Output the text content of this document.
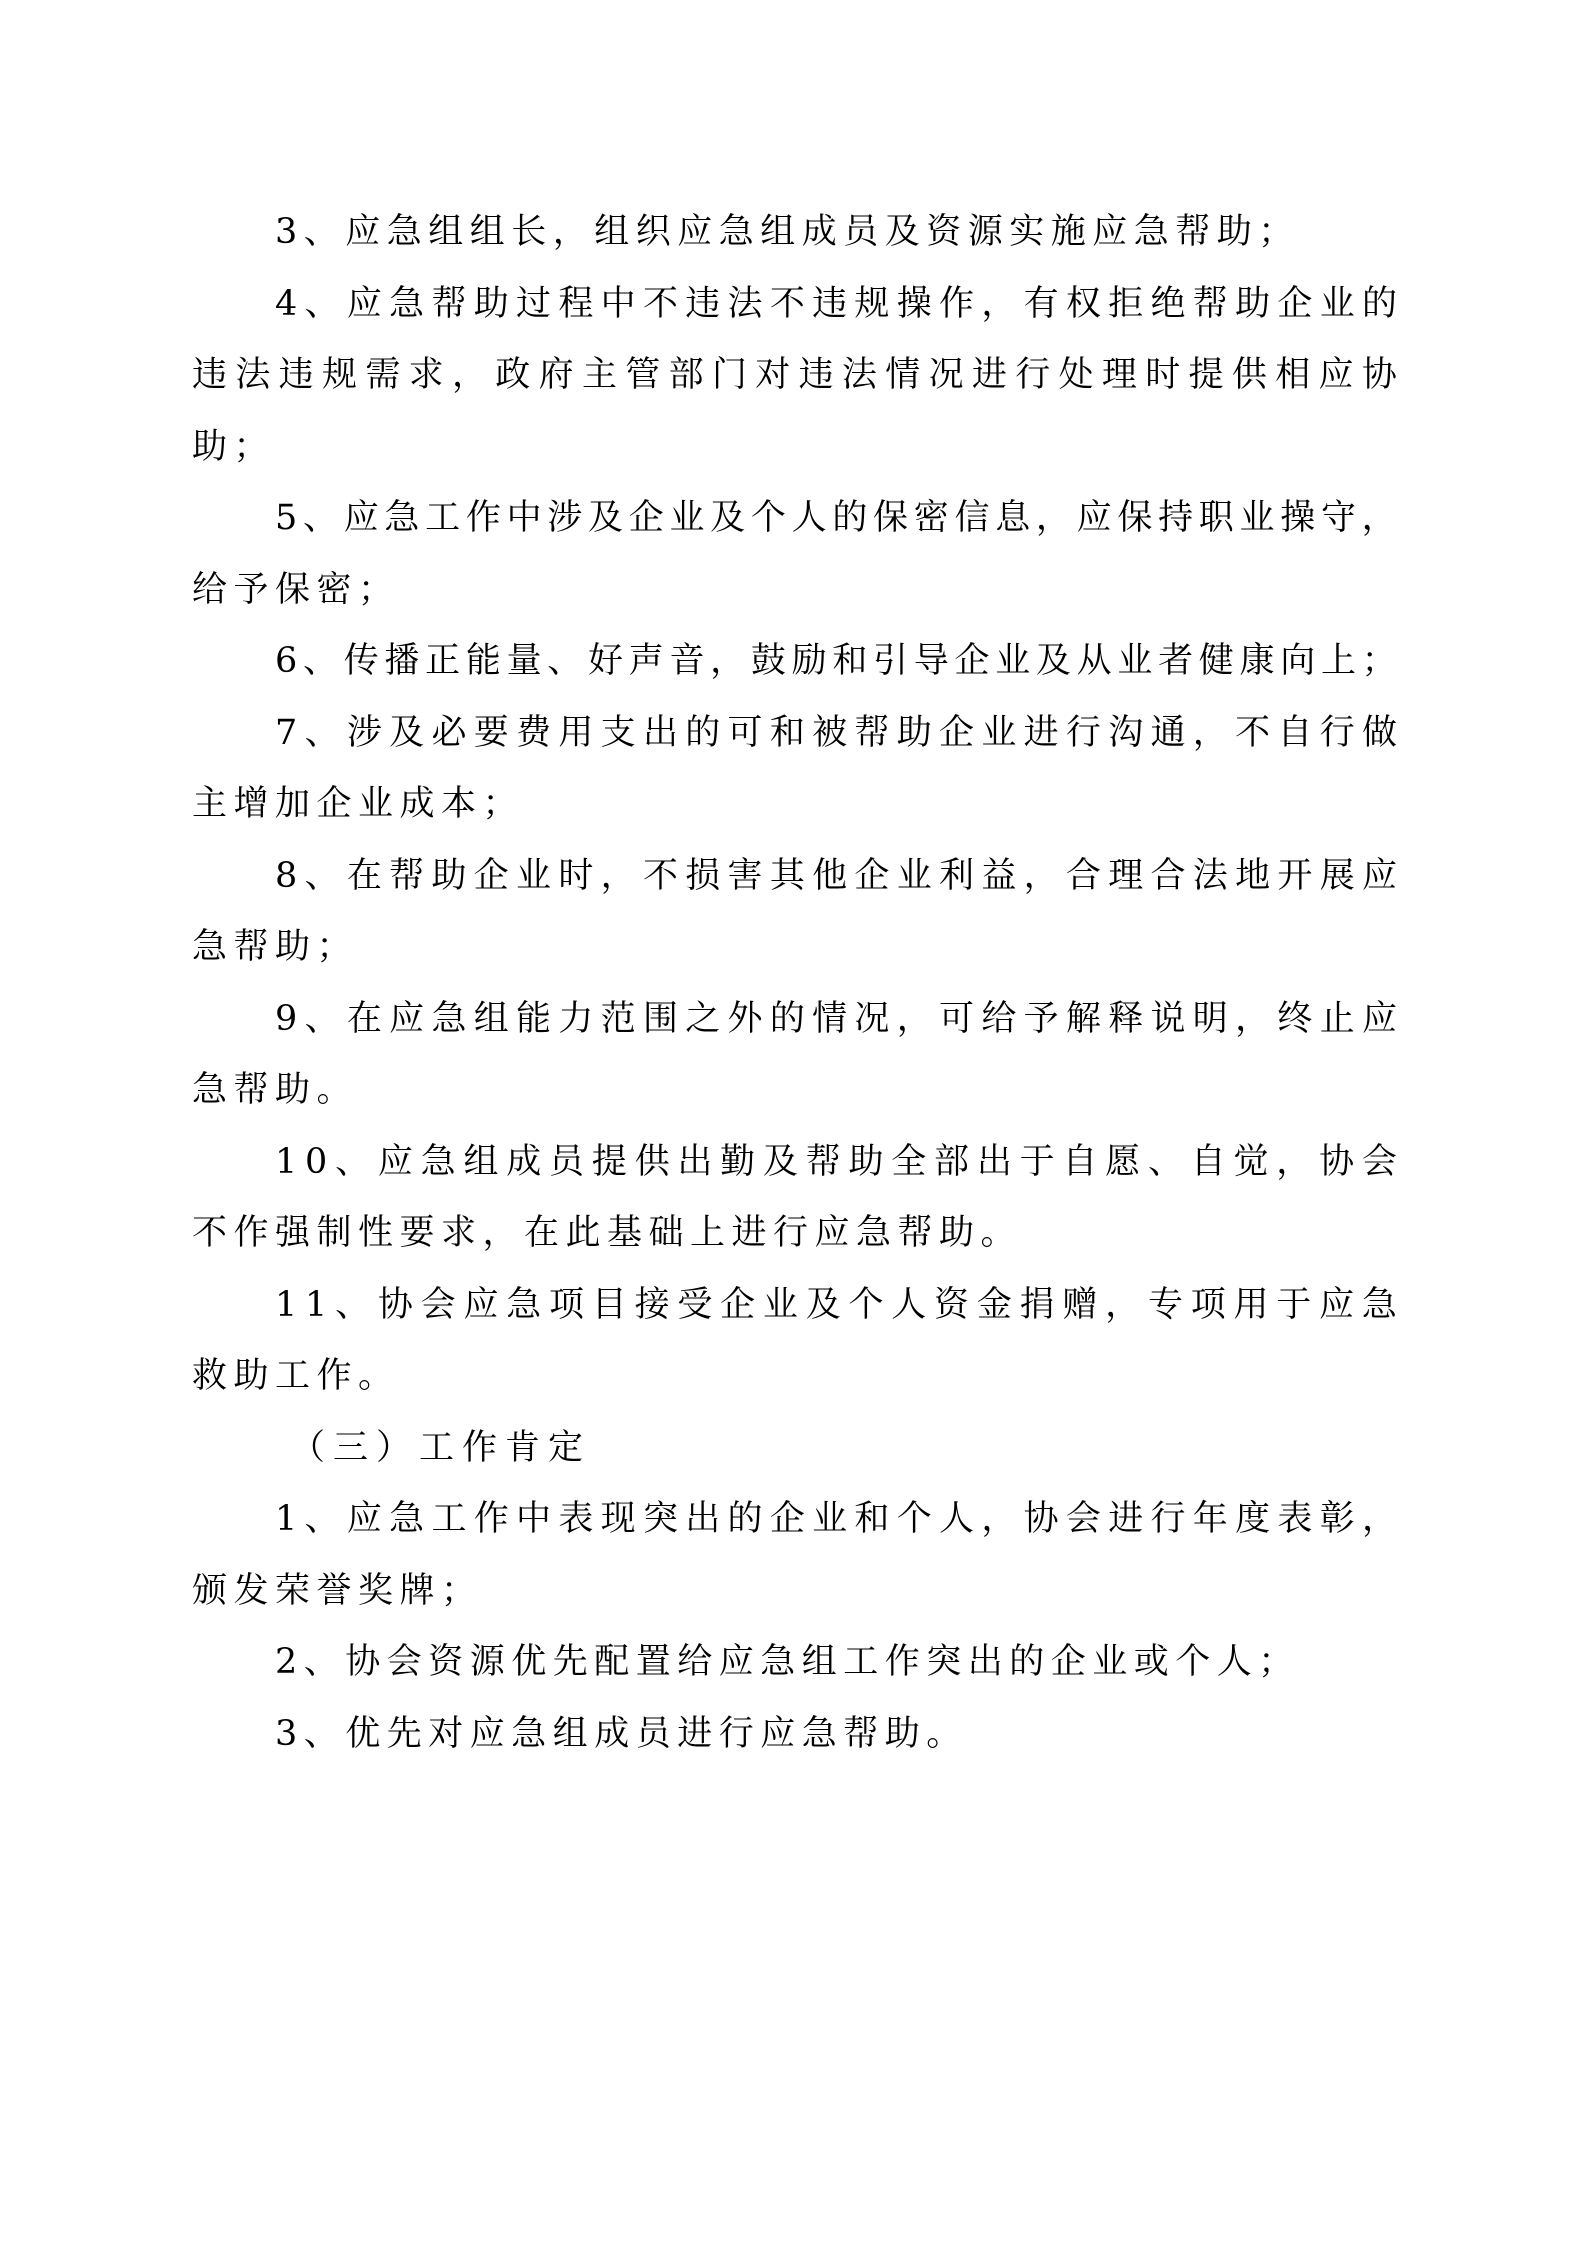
3、应急组组长，组织应急组成员及资源实施应急帮助；
4 、 应 急 帮 助 过 程 中 不 违 法 不 违 规 操 作 ， 有 权 拒 绝 帮 助 企 业 的
违 法 违 规 需 求 ， 政 府 主 管 部 门 对 违 法 情 况 进 行 处 理 时 提 供 相 应 协
助；
5 、 应 急 工 作 中 涉 及 企 业 及 个 人 的 保 密 信 息 ， 应 保 持 职 业 操 守 ，
给予保密；
6 、 传 播 正 能 量 、 好 声 音 ， 鼓 励 和 引 导 企 业 及 从 业 者 健 康 向 上 ；
7 、 涉 及 必 要 费 用 支 出 的 可 和 被 帮 助 企 业 进 行 沟 通 ， 不 自 行 做
主增加企业成本；
8 、 在 帮 助 企 业 时 ， 不 损 害 其 他 企 业 利 益 ， 合 理 合 法 地 开 展 应
急帮助；
9 、 在 应 急 组 能 力 范 围 之 外 的 情 况 ， 可 给 予 解 释 说 明 ， 终 止 应
急帮助。
1 0 、 应 急 组 成 员 提 供 出 勤 及 帮 助 全 部 出 于 自 愿 、 自 觉 ， 协 会
不作强制性要求，在此基础上进行应急帮助。
1 1 、 协 会 应 急 项 目 接 受 企 业 及 个 人 资 金 捐 赠 ， 专 项 用 于 应 急
救助工作。
（三）工作肯定
1 、 应 急 工 作 中 表 现 突 出 的 企 业 和 个 人 ， 协 会 进 行 年 度 表 彰 ，
颁发荣誉奖牌；
2、协会资源优先配置给应急组工作突出的企业或个人；
3、优先对应急组成员进行应急帮助。
